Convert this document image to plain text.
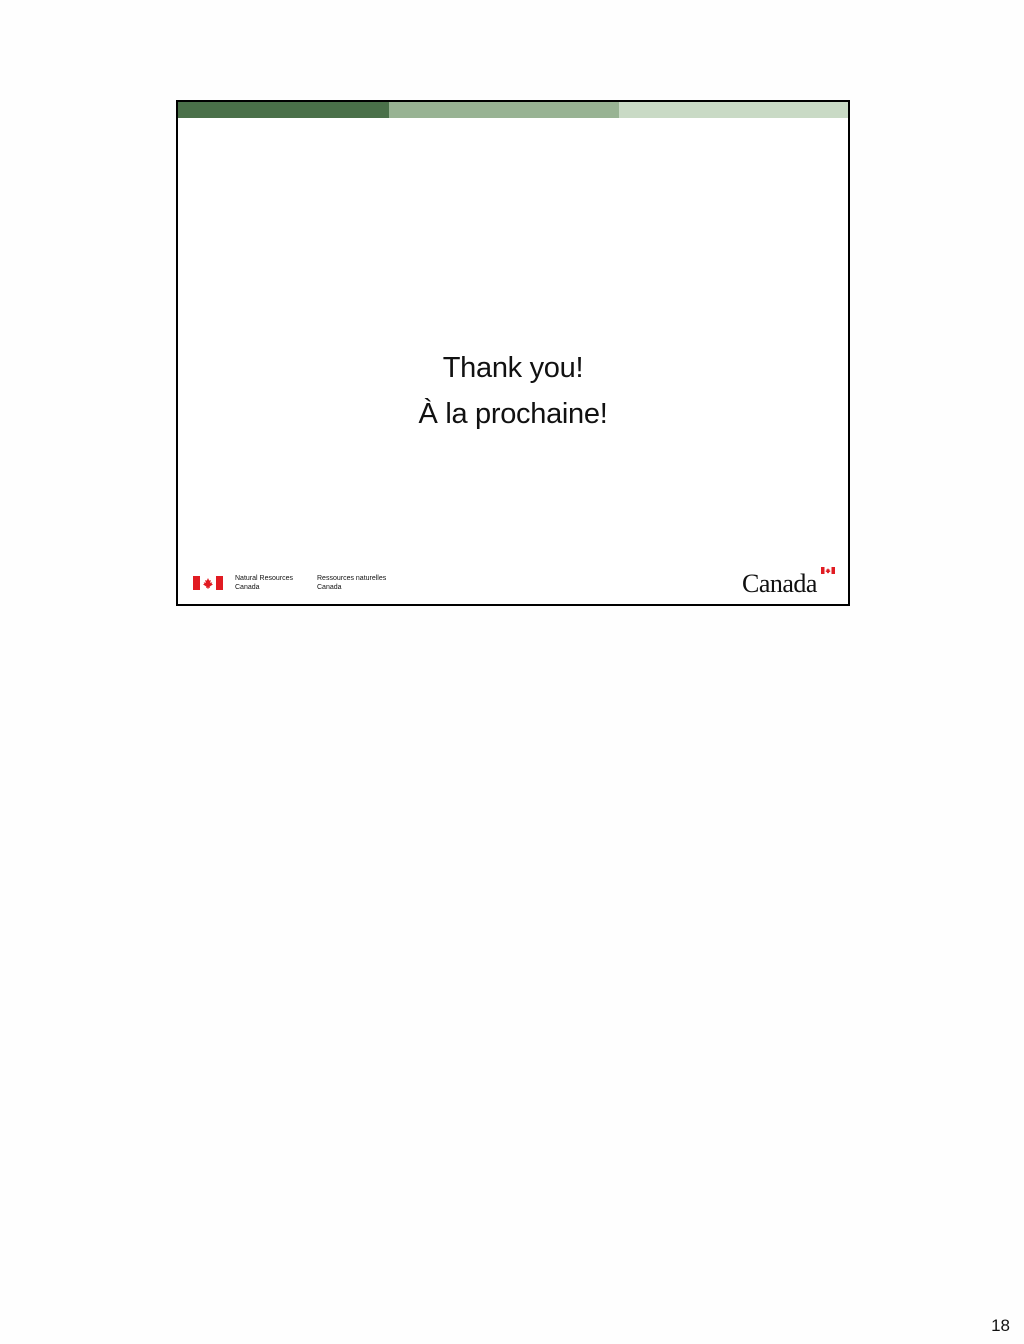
Thank you!
À la prochaine!
Natural Resources
Canada
Ressources naturelles
Canada	Canada
18
